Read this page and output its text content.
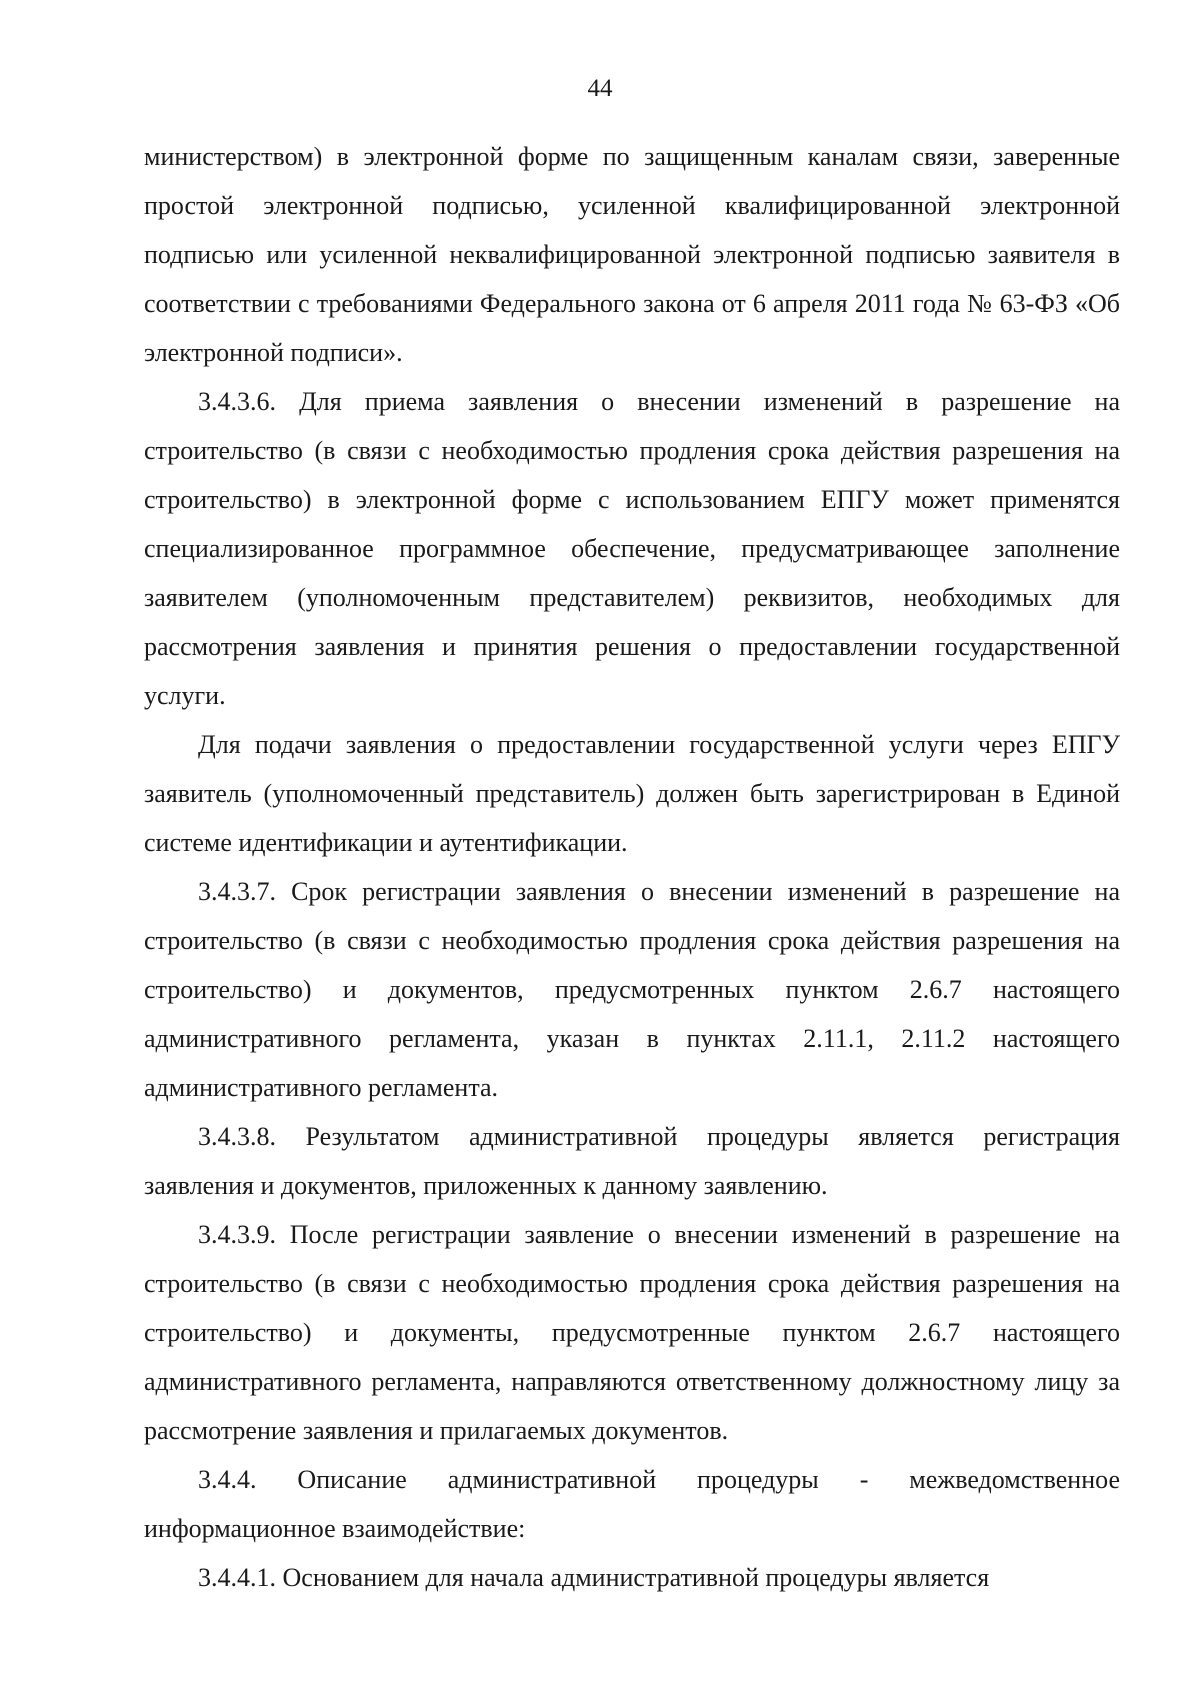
44

министерством) в электронной форме по защищенным каналам связи, заверенные простой электронной подписью, усиленной квалифицированной электронной подписью или усиленной неквалифицированной электронной подписью заявителя в соответствии с требованиями Федерального закона от 6 апреля 2011 года № 63-ФЗ «Об электронной подписи».

3.4.3.6. Для приема заявления о внесении изменений в разрешение на строительство (в связи с необходимостью продления срока действия разрешения на строительство) в электронной форме с использованием ЕПГУ может применятся специализированное программное обеспечение, предусматривающее заполнение заявителем (уполномоченным представителем) реквизитов, необходимых для рассмотрения заявления и принятия решения о предоставлении государственной услуги.

Для подачи заявления о предоставлении государственной услуги через ЕПГУ заявитель (уполномоченный представитель) должен быть зарегистрирован в Единой системе идентификации и аутентификации.

3.4.3.7. Срок регистрации заявления о внесении изменений в разрешение на строительство (в связи с необходимостью продления срока действия разрешения на строительство) и документов, предусмотренных пунктом 2.6.7 настоящего административного регламента, указан в пунктах 2.11.1, 2.11.2 настоящего административного регламента.

3.4.3.8. Результатом административной процедуры является регистрация заявления и документов, приложенных к данному заявлению.

3.4.3.9. После регистрации заявление о внесении изменений в разрешение на строительство (в связи с необходимостью продления срока действия разрешения на строительство) и документы, предусмотренные пунктом 2.6.7 настоящего административного регламента, направляются ответственному должностному лицу за рассмотрение заявления и прилагаемых документов.

3.4.4. Описание административной процедуры - межведомственное информационное взаимодействие:

3.4.4.1. Основанием для начала административной процедуры является
